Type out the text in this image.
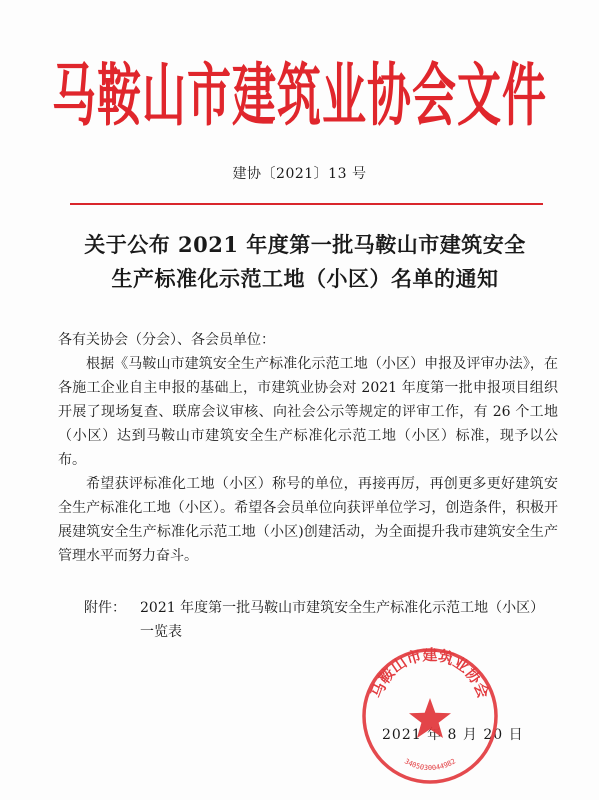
马鞍山市建筑业协会文件
建协〔2021〕13 号
关于公布 2021 年度第一批马鞍山市建筑安全
生产标准化示范工地（小区）名单的通知

各有关协会（分会）、各会员单位：

根据《马鞍山市建筑安全生产标准化示范工地（小区）申报及评审办法》，在各施工企业自主申报的基础上，市建筑业协会对 2021 年度第一批申报项目组织开展了现场复查、联席会议审核、向社会公示等规定的评审工作，有 26 个工地（小区）达到马鞍山市建筑安全生产标准化示范工地（小区）标准，现予以公布。

希望获评标准化工地（小区）称号的单位，再接再厉，再创更多更好建筑安全生产标准化工地（小区）。希望各会员单位向获评单位学习，创造条件，积极开展建筑安全生产标准化示范工地（小区)创建活动，为全面提升我市建筑安全生产管理水平而努力奋斗。

附件： 2021 年度第一批马鞍山市建筑安全生产标准化示范工地（小区）一览表
2021 年 8 月 20 日
马鞍山市建筑业协会
3405030044982
